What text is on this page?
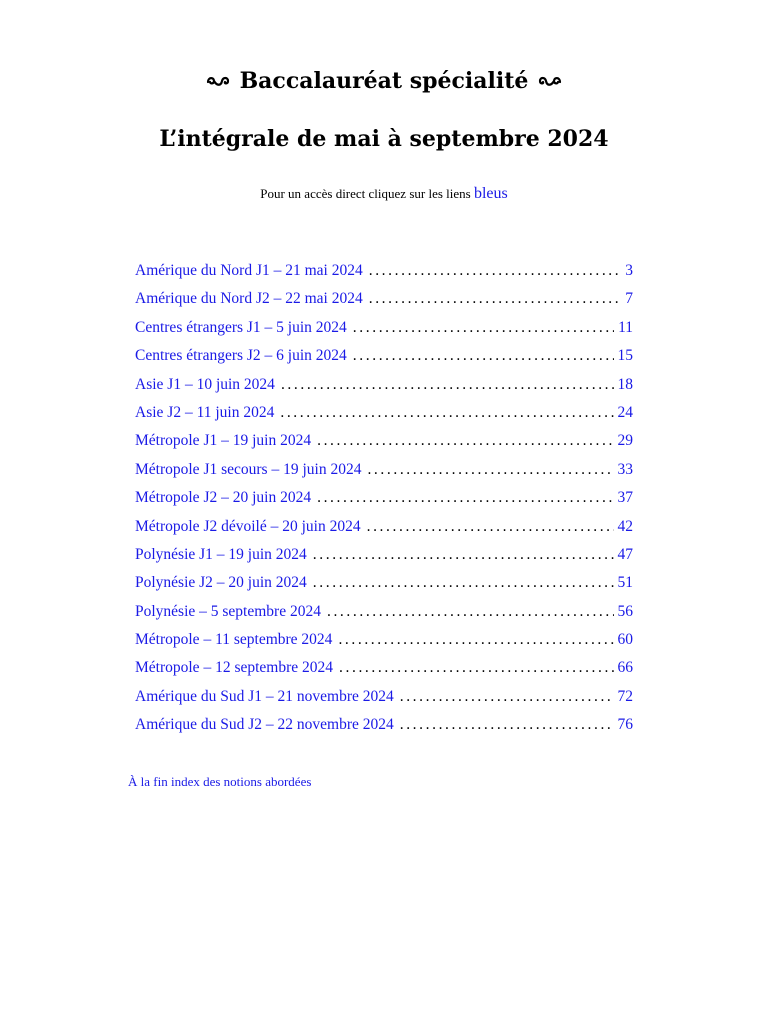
Baccalauréat spécialité
L’intégrale de mai à septembre 2024
Pour un accès direct cliquez sur les liens bleus
Amérique du Nord J1 – 21 mai 2024 .....	3
Amérique du Nord J2 – 22 mai 2024 .....	7
Centres étrangers J1 – 5 juin 2024 .....	11
Centres étrangers J2 – 6 juin 2024 .....	15
Asie J1 – 10 juin 2024 .....	18
Asie J2 – 11 juin 2024 .....	24
Métropole J1 – 19 juin 2024 .....	29
Métropole J1 secours – 19 juin 2024 .....	33
Métropole J2 – 20 juin 2024 .....	37
Métropole J2 dévoilé – 20 juin 2024 .....	42
Polynésie J1 – 19 juin 2024 .....	47
Polynésie J2 – 20 juin 2024 .....	51
Polynésie – 5 septembre 2024 .....	56
Métropole – 11 septembre 2024 .....	60
Métropole – 12 septembre 2024 .....	66
Amérique du Sud J1 – 21 novembre 2024 .....	72
Amérique du Sud J2 – 22 novembre 2024 .....	76
À la fin index des notions abordées
